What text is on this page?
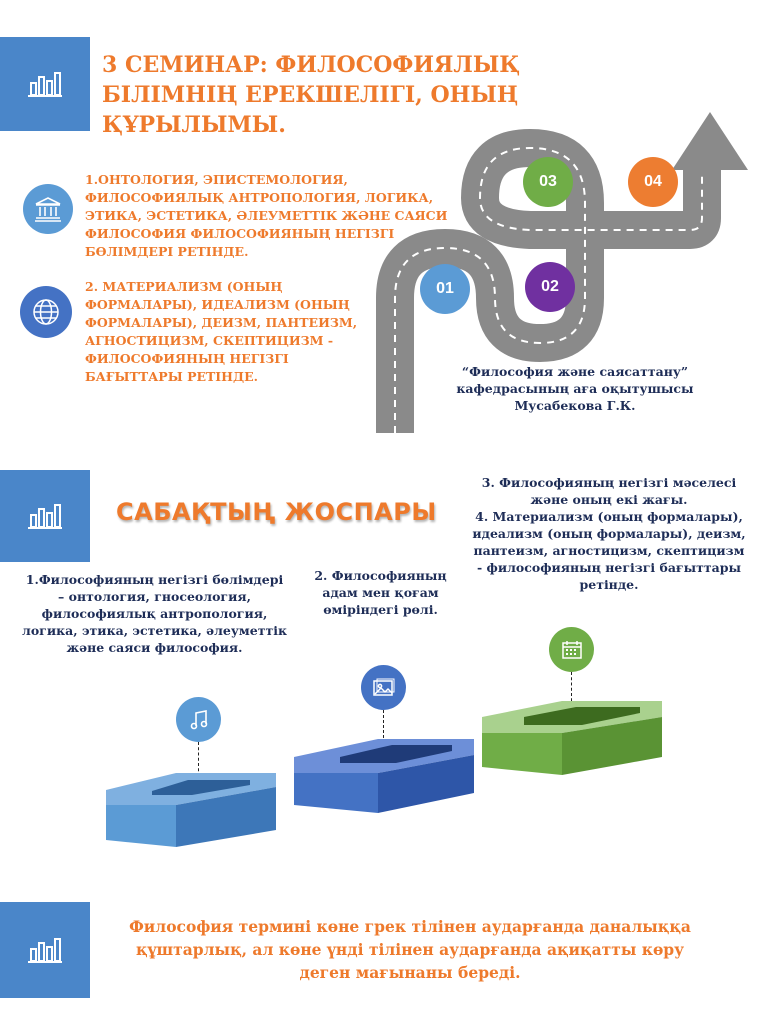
3 СЕМИНАР: ФИЛОСОФИЯЛЫҚ БІЛІМНІҢ ЕРЕКШЕЛІГІ, ОНЫҢ ҚҰРЫЛЫМЫ.
1.ОНТОЛОГИЯ, ЭПИСТЕМОЛОГИЯ, ФИЛОСОФИЯЛЫҚ АНТРОПОЛОГИЯ, ЛОГИКА, ЭТИКА, ЭСТЕТИКА, ӘЛЕУМЕТТІК ЖӘНЕ САЯСИ ФИЛОСОФИЯ ФИЛОСОФИЯНЫҢ НЕГІЗГІ БӨЛІМДЕРІ РЕТІНДЕ.
2. МАТЕРИАЛИЗМ (ОНЫҢ ФОРМАЛАРЫ), ИДЕАЛИЗМ (ОНЫҢ ФОРМАЛАРЫ), ДЕИЗМ, ПАНТЕИЗМ, АГНОСТИЦИЗМ, СКЕПТИЦИЗМ - ФИЛОСОФИЯНЫҢ НЕГІЗГІ БАҒЫТТАРЫ РЕТІНДЕ.
01	02
03	04
“Философия және саясаттану”
кафедрасының аға оқытушысы
Мусабекова Г.К.
САБАҚТЫҢ ЖОСПАРЫ
1.Философияның негізгі бөлімдері – онтология, гносеология, философиялық антропология, логика, этика, эстетика, әлеуметтік және саяси философия.
2. Философияның адам мен қоғам өміріндегі рөлі.
3. Философияның негізгі мәселесі және оның екі жағы.
4. Материализм (оның формалары), идеализм (оның формалары), деизм, пантеизм, агностицизм, скептицизм - философияның негізгі бағыттары ретінде.
Философия термині көне грек тілінен аударғанда даналыққа құштарлық, ал көне үнді тілінен аударғанда ақиқатты көру деген мағынаны береді.
